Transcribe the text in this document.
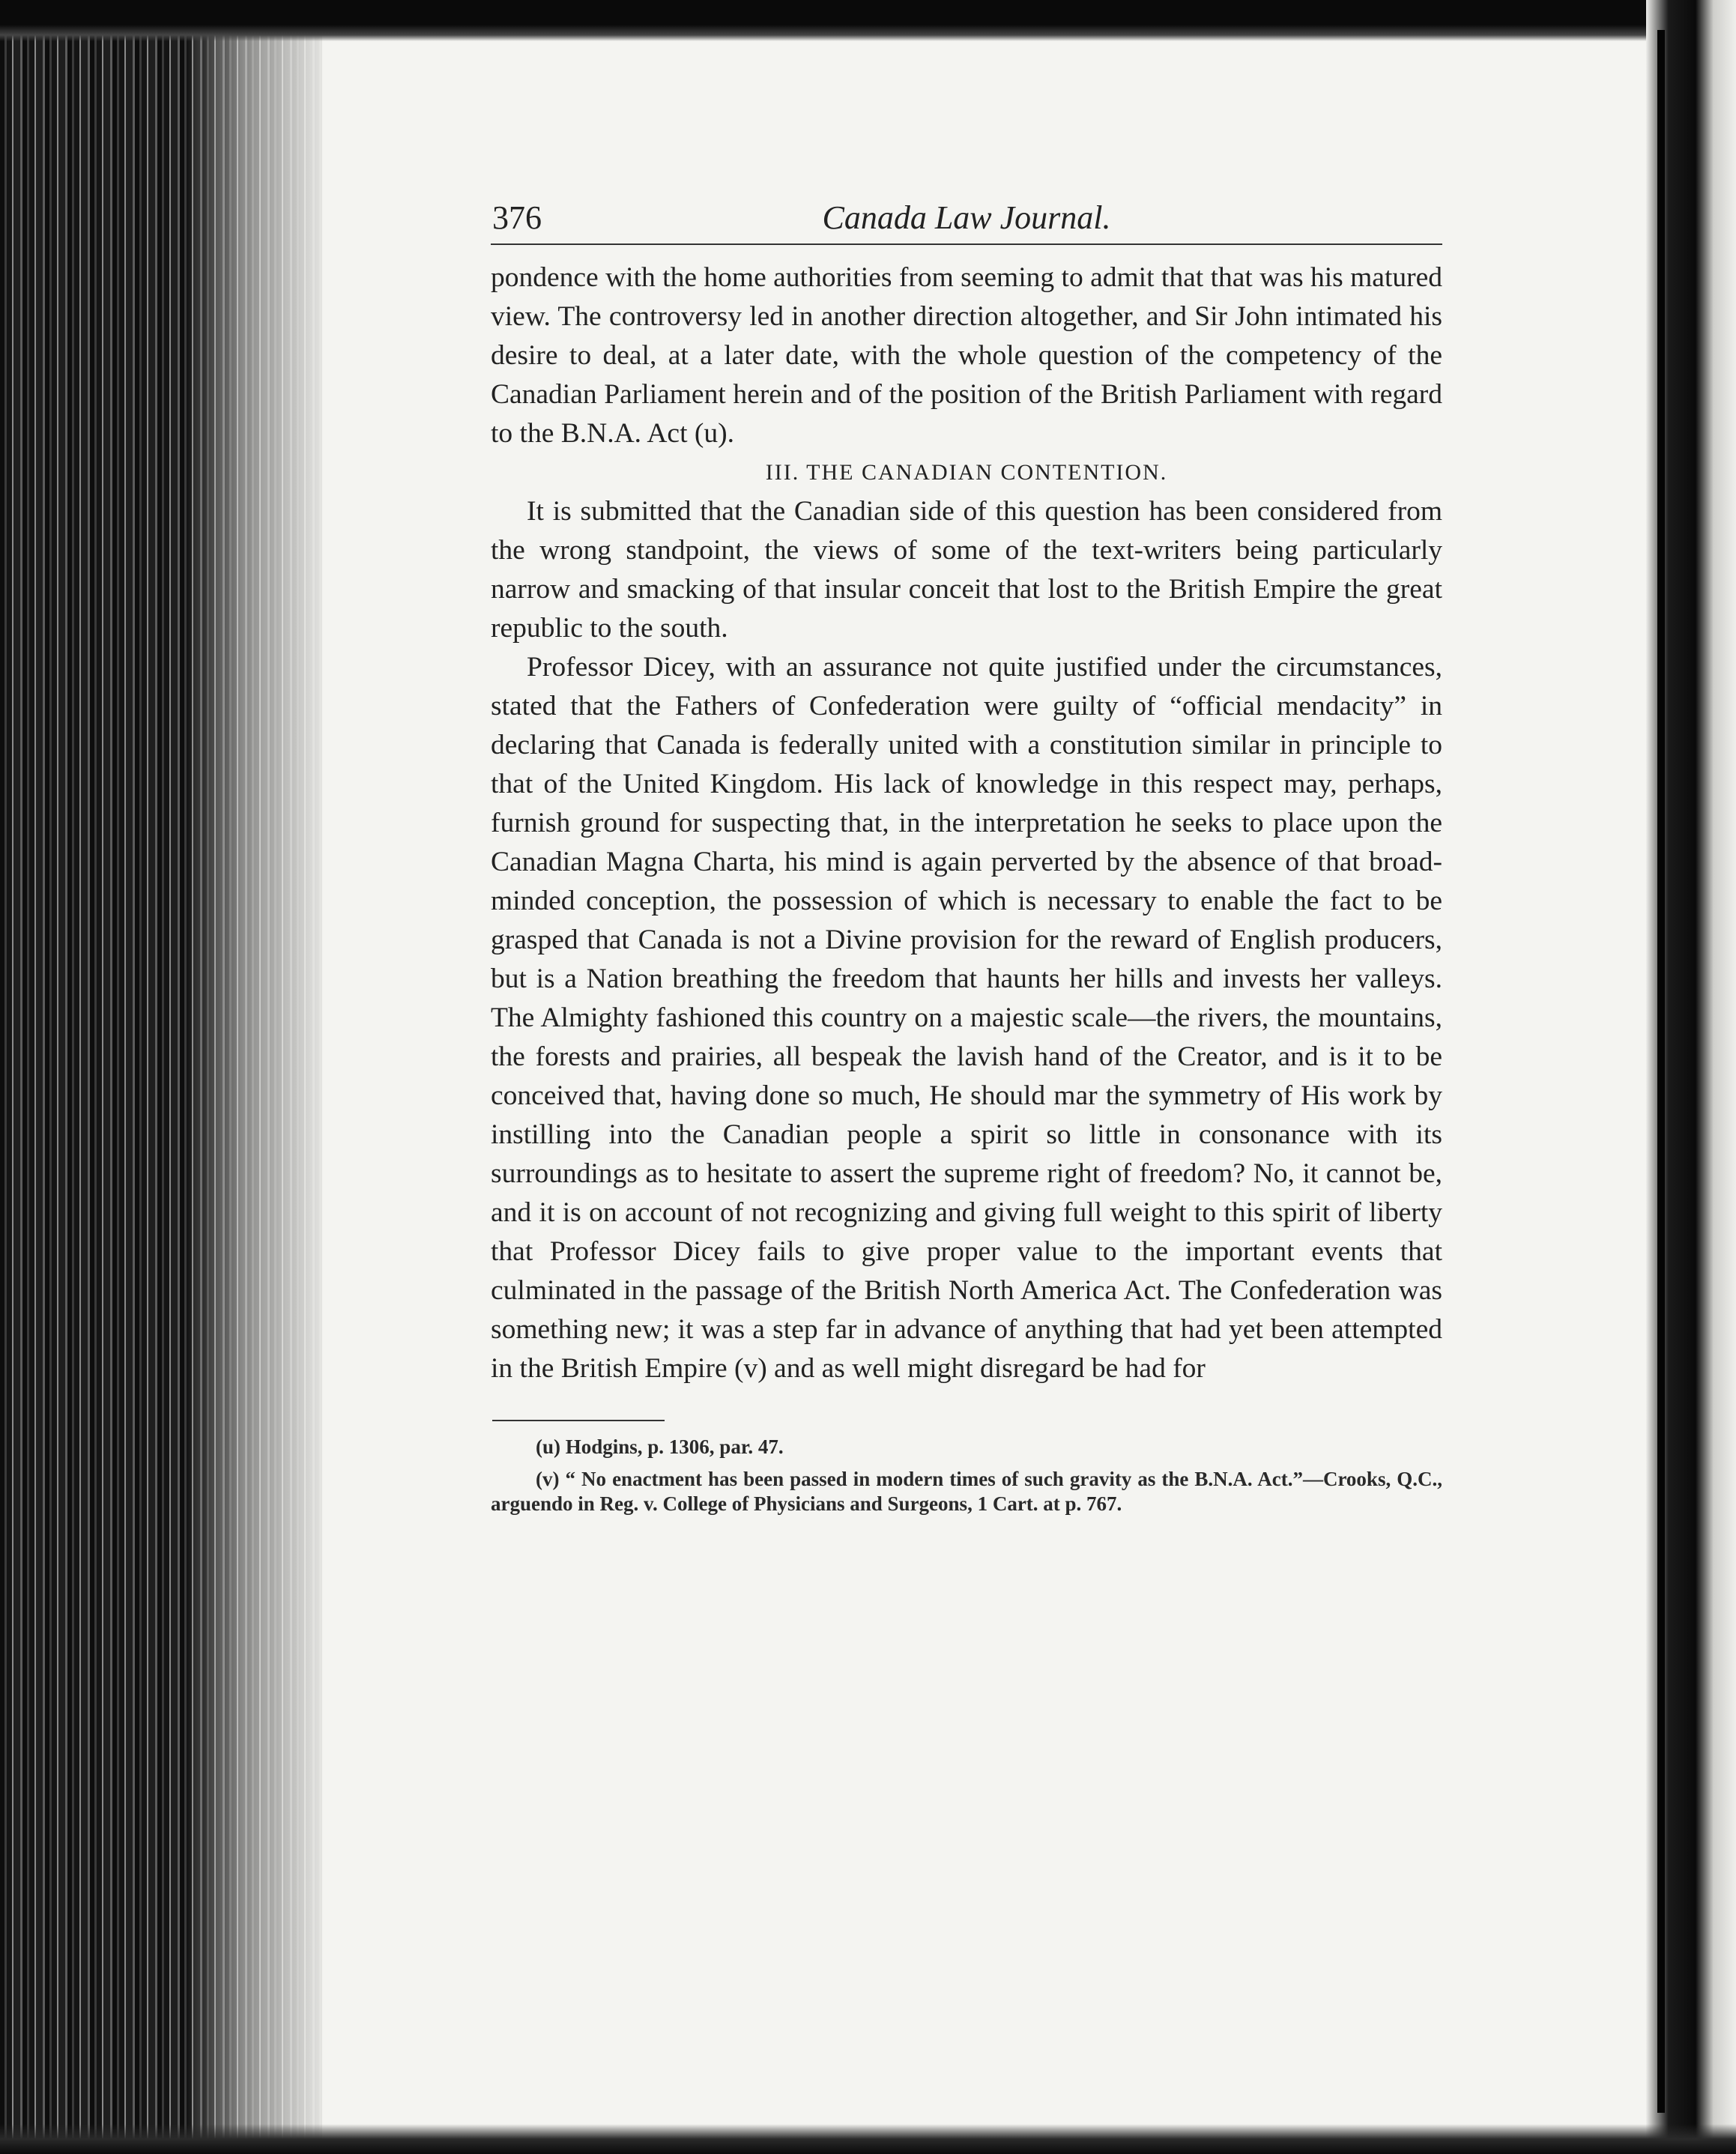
376	Canada Law Journal.

pondence with the home authorities from seeming to admit that that was his matured view. The controversy led in another direction altogether, and Sir John intimated his desire to deal, at a later date, with the whole question of the competency of the Canadian Parliament herein and of the position of the British Parliament with regard to the B.N.A. Act (u).

III. THE CANADIAN CONTENTION.

It is submitted that the Canadian side of this question has been considered from the wrong standpoint, the views of some of the text-writers being particularly narrow and smacking of that insular conceit that lost to the British Empire the great republic to the south.

Professor Dicey, with an assurance not quite justified under the circumstances, stated that the Fathers of Confederation were guilty of “official mendacity” in declaring that Canada is federally united with a constitution similar in principle to that of the United Kingdom. His lack of knowledge in this respect may, perhaps, furnish ground for suspecting that, in the interpretation he seeks to place upon the Canadian Magna Charta, his mind is again perverted by the absence of that broad-minded conception, the possession of which is necessary to enable the fact to be grasped that Canada is not a Divine provision for the reward of English producers, but is a Nation breathing the freedom that haunts her hills and invests her valleys. The Almighty fashioned this country on a majestic scale—the rivers, the mountains, the forests and prairies, all bespeak the lavish hand of the Creator, and is it to be conceived that, having done so much, He should mar the symmetry of His work by instilling into the Canadian people a spirit so little in consonance with its surroundings as to hesitate to assert the supreme right of freedom? No, it cannot be, and it is on account of not recognizing and giving full weight to this spirit of liberty that Professor Dicey fails to give proper value to the important events that culminated in the passage of the British North America Act. The Confederation was something new; it was a step far in advance of anything that had yet been attempted in the British Empire (v) and as well might disregard be had for

(u) Hodgins, p. 1306, par. 47.

(v) “ No enactment has been passed in modern times of such gravity as the B.N.A. Act.”—Crooks, Q.C., arguendo in Reg. v. College of Physicians and Surgeons, 1 Cart. at p. 767.
